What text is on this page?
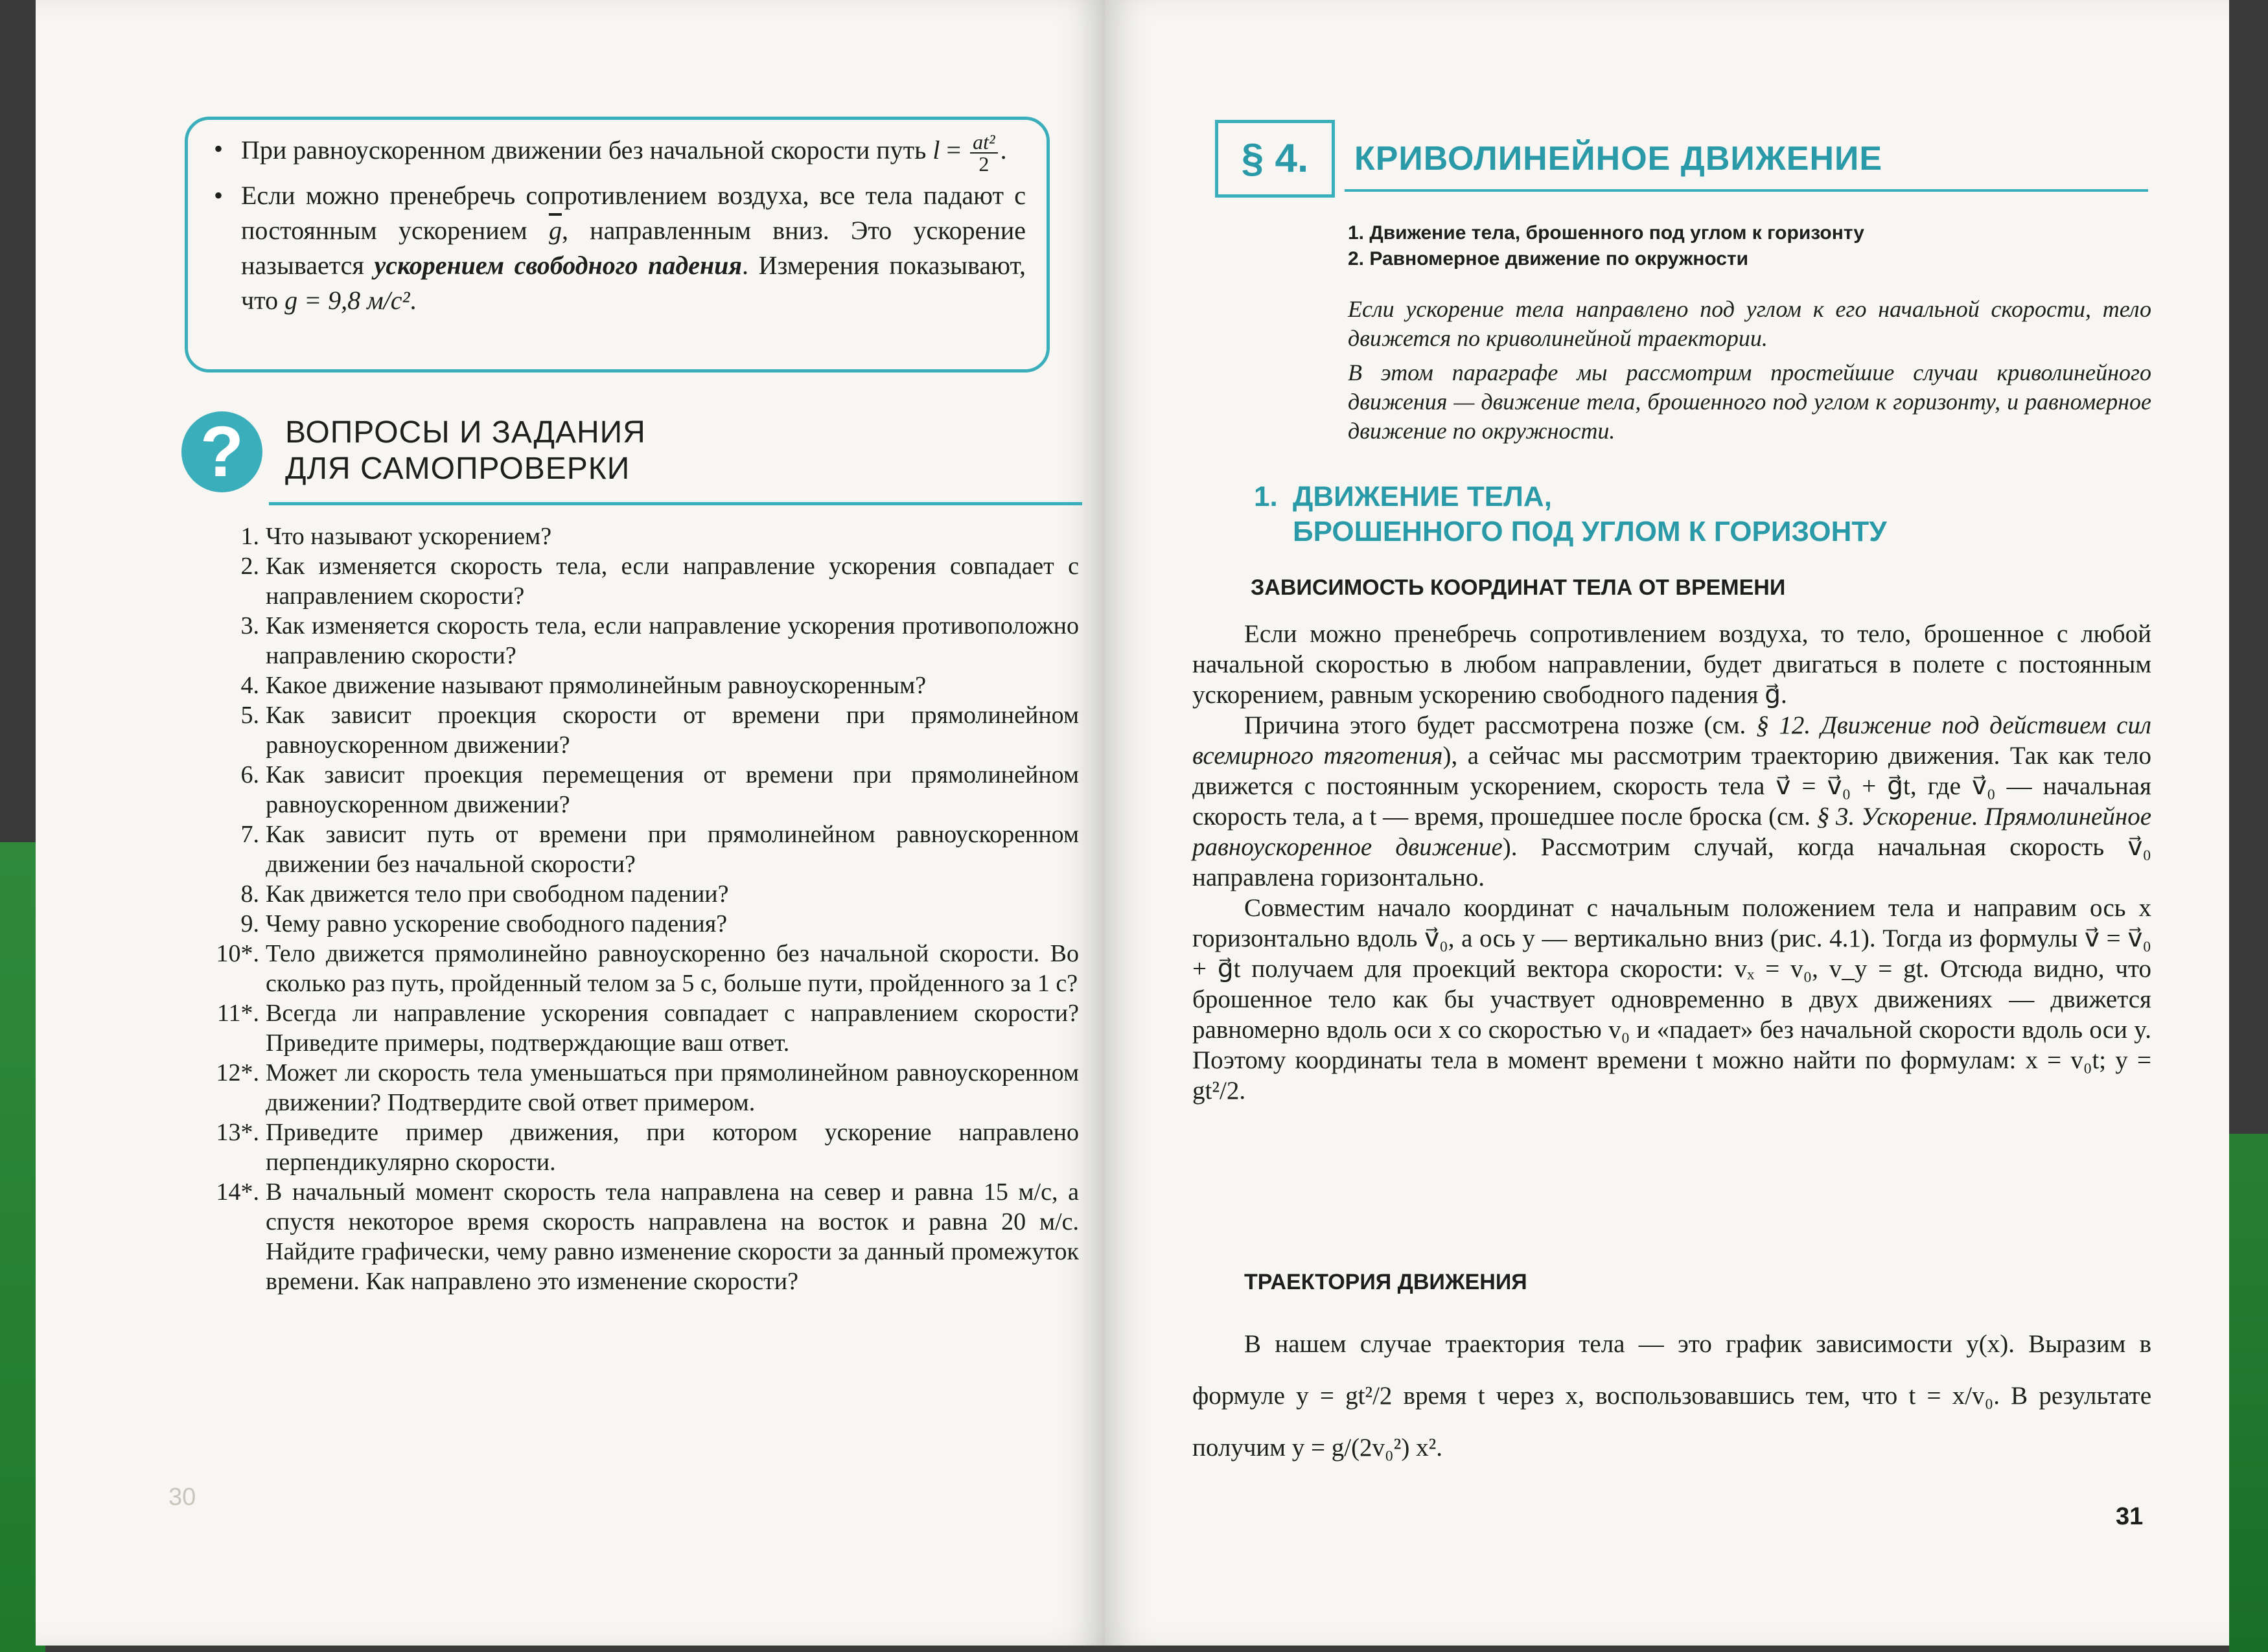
• При равноускоренном движении без начальной скорости путь $l = \frac{\text{at²}}{2}$ .
• Если можно пренебречь сопротивлением воздуха, все тела падают с постоянным ускорением $\overline{g}$, направленным вниз. Это ускорение называется ускорением свободного падения. Измерения показывают, что g = 9,8 м/с².
?	ВОПРОСЫ И ЗАДАНИЯ
ДЛЯ САМОПРОВЕРКИ
1. Что называют ускорением?
2. Как изменяется скорость тела, если направление ускорения совпадает с направлением скорости?
3. Как изменяется скорость тела, если направление ускорения противоположно направлению скорости?
4. Какое движение называют прямолинейным равноускоренным?
5. Как зависит проекция скорости от времени при прямолинейном равноускоренном движении?
6. Как зависит проекция перемещения от времени при прямолинейном равноускоренном движении?
7. Как зависит путь от времени при прямолинейном равноускоренном движении без начальной скорости?
8. Как движется тело при свободном падении?
9. Чему равно ускорение свободного падения?
10*. Тело движется прямолинейно равноускоренно без начальной скорости. Во сколько раз путь, пройденный телом за 5 с, больше пути, пройденного за 1 с?
11*. Всегда ли направление ускорения совпадает с направлением скорости? Приведите примеры, подтверждающие ваш ответ.
12*. Может ли скорость тела уменьшаться при прямолинейном равноускоренном движении? Подтвердите свой ответ примером.
13*. Приведите пример движения, при котором ускорение направлено перпендикулярно скорости.
14*. В начальный момент скорость тела направлена на север и равна 15 м/с, а спустя некоторое время скорость направлена на восток и равна 20 м/с. Найдите графически, чему равно изменение скорости за данный промежуток времени. Как направлено это изменение скорости?
30
§ 4.	КРИВОЛИНЕЙНОЕ ДВИЖЕНИЕ
1. Движение тела, брошенного под углом к горизонту
2. Равномерное движение по окружности

Если ускорение тела направлено под углом к его начальной скорости, тело движется по криволинейной траектории.

В этом параграфе мы рассмотрим простейшие случаи криволинейного движения — движение тела, брошенного под углом к горизонту, и равномерное движение по окружности.

1. ДВИЖЕНИЕ ТЕЛА,
БРОШЕННОГО ПОД УГЛОМ К ГОРИЗОНТУ
ЗАВИСИМОСТЬ КООРДИНАТ ТЕЛА ОТ ВРЕМЕНИ

Если можно пренебречь сопротивлением воздуха, то тело, брошенное с любой начальной скоростью в любом направлении, будет двигаться в полете с постоянным ускорением, равным ускорению свободного падения g⃗.

Причина этого будет рассмотрена позже (см. § 12. Движение под действием сил всемирного тяготения), а сейчас мы рассмотрим траекторию движения. Так как тело движется с постоянным ускорением, скорость тела v⃗ = v⃗₀ + g⃗t, где v⃗₀ — начальная скорость тела, а t — время, прошедшее после броска (см. § 3. Ускорение. Прямолинейное равноускоренное движение). Рассмотрим случай, когда начальная скорость v⃗₀ направлена горизонтально.

Совместим начало координат с начальным положением тела и направим ось x горизонтально вдоль v⃗₀, а ось y — вертикально вниз (рис. 4.1). Тогда из формулы v⃗ = v⃗₀ + g⃗t получаем для проекций вектора скорости: vₓ = v₀, v_y = gt. Отсюда видно, что брошенное тело как бы участвует одновременно в двух движениях — движется равномерно вдоль оси x со скоростью v₀ и «падает» без начальной скорости вдоль оси y. Поэтому координаты тела в момент времени t можно найти по формулам: x = v₀t; y = gt²/2.

ТРАЕКТОРИЯ ДВИЖЕНИЯ

В нашем случае траектория тела — это график зависимости y(x). Выразим в формуле y = gt²/2 время t через x, воспользовавшись тем, что t = x/v₀. В результате получим y = g/(2v₀²) x².

31
